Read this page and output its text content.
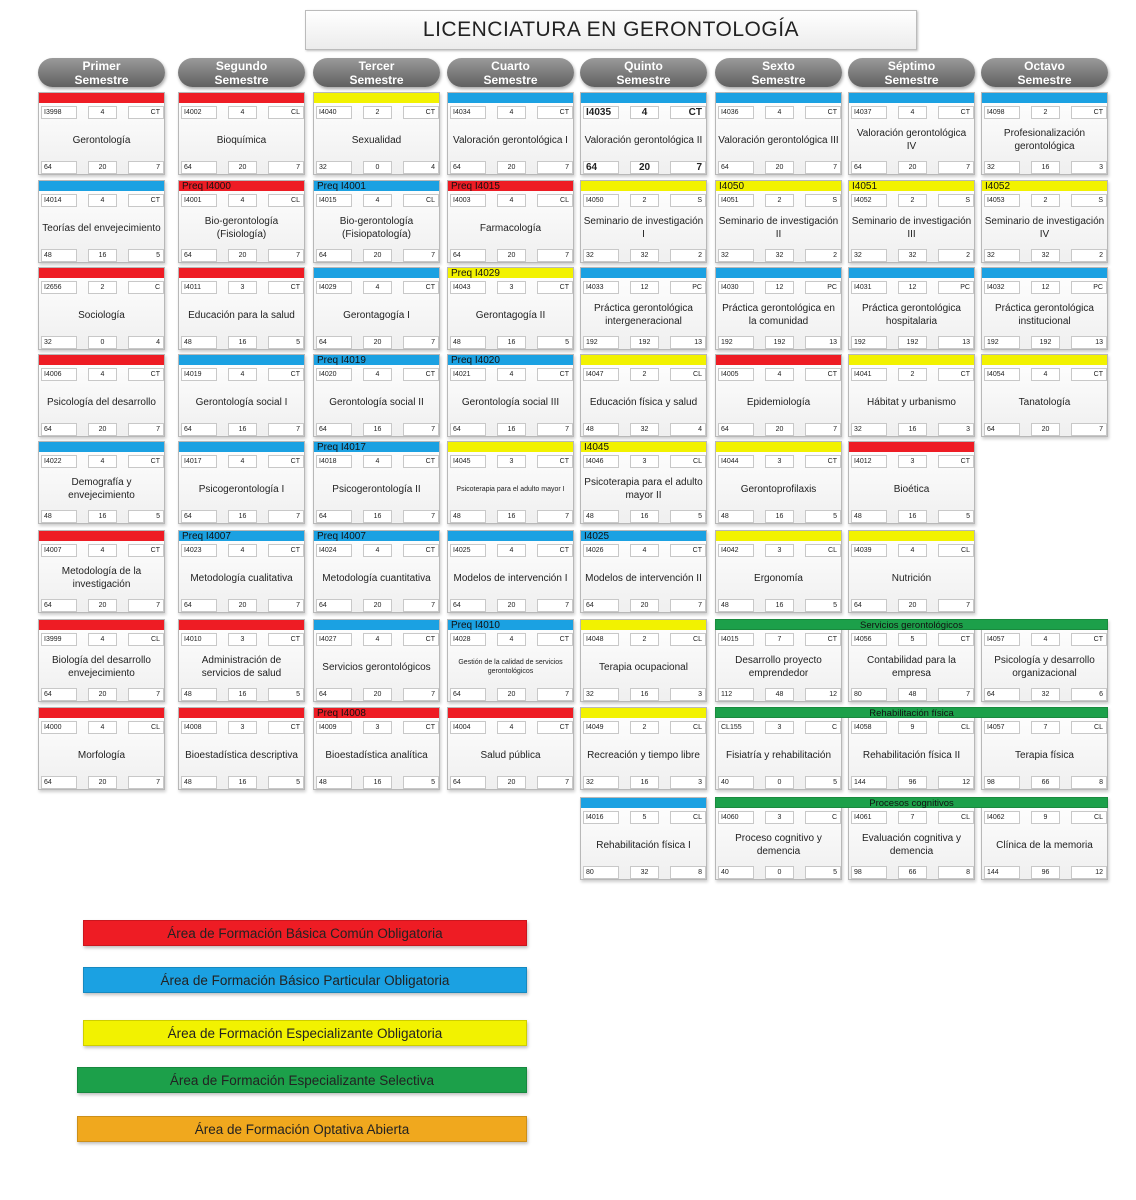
LICENCIATURA EN GERONTOLOGÍA
Primer
Semestre
Segundo
Semestre
Tercer
Semestre
Cuarto
Semestre
Quinto
Semestre
Sexto
Semestre
Séptimo
Semestre
Octavo
Semestre
I3998	4	CT
64	20	7
Gerontología
I4014	4	CT
48	16	5
Teorías del envejecimiento
I2656	2	C
32	0	4
Sociología
I4006	4	CT
64	20	7
Psicología del desarrollo
I4022	4	CT
48	16	5
Demografía y envejecimiento
I4007	4	CT
64	20	7
Metodología de la investigación
I3999	4	CL
64	20	7
Biología del desarrollo envejecimiento
I4000	4	CL
64	20	7
Morfología
I4002	4	CL
64	20	7
Bioquímica
Preq I4000
I4001	4	CL
64	20	7
Bio-gerontología (Fisiología)
I4011	3	CT
48	16	5
Educación para la salud
I4019	4	CT
64	16	7
Gerontología social I
I4017	4	CT
64	16	7
Psicogerontología I
Preq I4007
I4023	4	CT
64	20	7
Metodología cualitativa
I4010	3	CT
48	16	5
Administración de servicios de salud
I4008	3	CT
48	16	5
Bioestadística descriptiva
I4040	2	CT
32	0	4
Sexualidad
Preq I4001
I4015	4	CL
64	20	7
Bio-gerontología (Fisiopatología)
I4029	4	CT
64	20	7
Gerontagogía I
Preq I4019
I4020	4	CT
64	16	7
Gerontología social II
Preq I4017
I4018	4	CT
64	16	7
Psicogerontología II
Preq I4007
I4024	4	CT
64	20	7
Metodología cuantitativa
I4027	4	CT
64	20	7
Servicios gerontológicos
Preq I4008
I4009	3	CT
48	16	5
Bioestadística analítica
I4034	4	CT
64	20	7
Valoración gerontológica I
Preq I4015
I4003	4	CL
64	20	7
Farmacología
Preq I4029
I4043	3	CT
48	16	5
Gerontagogía II
Preq I4020
I4021	4	CT
64	16	7
Gerontología social III
I4045	3	CT
48	16	7
Psicoterapia para el adulto mayor I
I4025	4	CT
64	20	7
Modelos de intervención I
Preq I4010
I4028	4	CT
64	20	7
Gestión de la calidad de servicios gerontológicos
I4004	4	CT
64	20	7
Salud pública
I4035	4	CT
64	20	7
Valoración gerontológica II
I4050	2	S
32	32	2
Seminario de investigación I
I4033	12	PC
192	192	13
Práctica gerontológica intergeneracional
I4047	2	CL
48	32	4
Educación física y salud
I4045
I4046	3	CL
48	16	5
Psicoterapia para el adulto mayor II
I4025
I4026	4	CT
64	20	7
Modelos de intervención II
I4048	2	CL
32	16	3
Terapia ocupacional
I4049	2	CL
32	16	3
Recreación y tiempo libre
I4016	5	CL
80	32	8
Rehabilitación física I
I4036	4	CT
64	20	7
Valoración gerontológica III
I4050
I4051	2	S
32	32	2
Seminario de investigación II
I4030	12	PC
192	192	13
Práctica gerontológica en la comunidad
I4005	4	CT
64	20	7
Epidemiología
I4044	3	CT
48	16	5
Gerontoprofilaxis
I4042	3	CL
48	16	5
Ergonomía
I4015	7	CT
112	48	12
Desarrollo proyecto emprendedor
CL155	3	C
40	0	5
Fisiatría y rehabilitación
I4060	3	C
40	0	5
Proceso cognitivo y demencia
I4037	4	CT
64	20	7
Valoración gerontológica IV
I4051
I4052	2	S
32	32	2
Seminario de investigación III
I4031	12	PC
192	192	13
Práctica gerontológica hospitalaria
I4041	2	CT
32	16	3
Hábitat y urbanismo
I4012	3	CT
48	16	5
Bioética
I4039	4	CL
64	20	7
Nutrición
I4056	5	CT
80	48	7
Contabilidad para la empresa
I4058	9	CL
144	96	12
Rehabilitación física II
I4061	7	CL
98	66	8
Evaluación cognitiva y demencia
I4098	2	CT
32	16	3
Profesionalización gerontológica
I4052
I4053	2	S
32	32	2
Seminario de investigación IV
I4032	12	PC
192	192	13
Práctica gerontológica institucional
I4054	4	CT
64	20	7
Tanatología
I4057	4	CT
64	32	6
Psicología y desarrollo organizacional
I4057	7	CL
98	66	8
Terapia física
I4062	9	CL
144	96	12
Clínica de la memoria
Servicios gerontológicos
Rehabilitación física
Procesos cognitivos
Área de Formación Básica Común Obligatoria
Área de Formación Básico Particular Obligatoria
Área de Formación Especializante Obligatoria
Área de Formación Especializante Selectiva
Área de Formación Optativa Abierta
